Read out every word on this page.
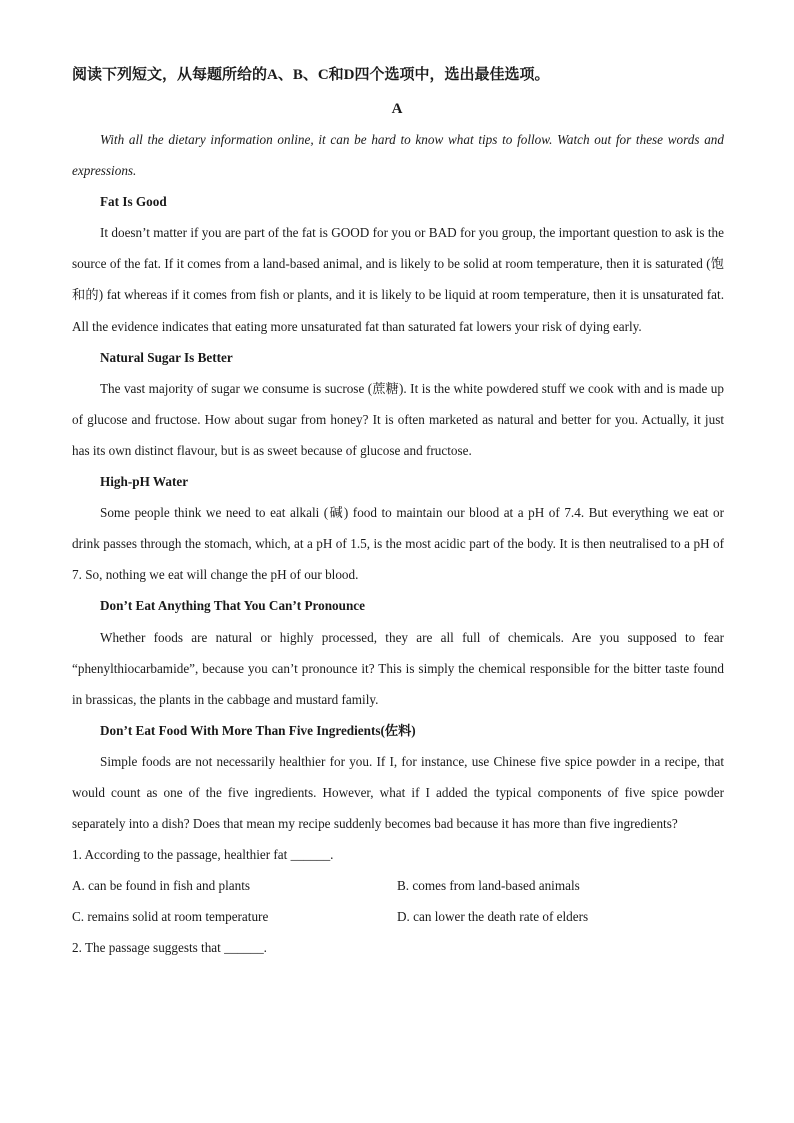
阅读下列短文，从每题所给的A、B、C和D四个选项中，选出最佳选项。
A

With all the dietary information online, it can be hard to know what tips to follow. Watch out for these words and expressions.

Fat Is Good

It doesn’t matter if you are part of the fat is GOOD for you or BAD for you group, the important question to ask is the source of the fat. If it comes from a land-based animal, and is likely to be solid at room temperature, then it is saturated (饱和的) fat whereas if it comes from fish or plants, and it is likely to be liquid at room temperature, then it is unsaturated fat. All the evidence indicates that eating more unsaturated fat than saturated fat lowers your risk of dying early.

Natural Sugar Is Better

The vast majority of sugar we consume is sucrose (蔗糖). It is the white powdered stuff we cook with and is made up of glucose and fructose. How about sugar from honey? It is often marketed as natural and better for you. Actually, it just has its own distinct flavour, but is as sweet because of glucose and fructose.

High-pH Water

Some people think we need to eat alkali (碱) food to maintain our blood at a pH of 7.4. But everything we eat or drink passes through the stomach, which, at a pH of 1.5, is the most acidic part of the body. It is then neutralised to a pH of 7. So, nothing we eat will change the pH of our blood.

Don’t Eat Anything That You Can’t Pronounce

Whether foods are natural or highly processed, they are all full of chemicals. Are you supposed to fear “phenylthiocarbamide”, because you can’t pronounce it? This is simply the chemical responsible for the bitter taste found in brassicas, the plants in the cabbage and mustard family.

Don’t Eat Food With More Than Five Ingredients(佐料)

Simple foods are not necessarily healthier for you. If I, for instance, use Chinese five spice powder in a recipe, that would count as one of the five ingredients. However, what if I added the typical components of five spice powder separately into a dish? Does that mean my recipe suddenly becomes bad because it has more than five ingredients?

1. According to the passage, healthier fat ______.

A. can be found in fish and plants	B. comes from land-based animals
C. remains solid at room temperature	D. can lower the death rate of elders

2. The passage suggests that ______.
